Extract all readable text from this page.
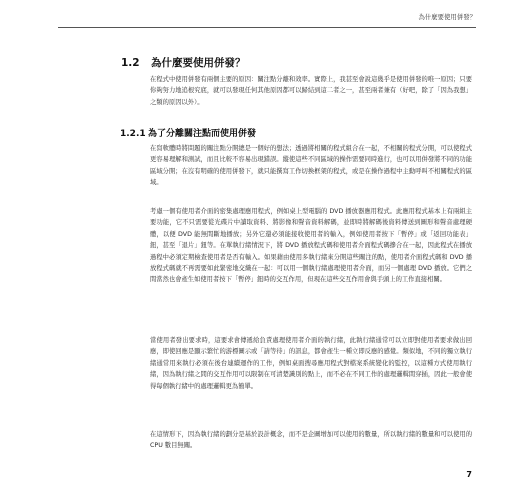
為什麼要使用併發？
1.2 為什麼要使用併發？

在程式中使用併發有兩個主要的原因：關注點分離和效率。實際上，我甚至會說這幾乎是使用併發的唯一原因；只要你夠努力地追根究底，就可以發現任何其他原因都可以歸結到這二者之一，甚至兩者兼有（好吧，除了「因為我想」之類的原因以外）。

1.2.1 為了分離關注點而使用併發

在寫軟體時將問題的關注點分開總是一個好的想法；透過將相關的程式組合在一起，不相關的程式分開，可以使程式更容易理解和測試，而且比較不容易出現錯誤。縱使這些不同區域的操作需要同時進行，也可以用併發將不同的功能區域分開；在沒有明確的使用併發下，就只能撰寫工作切換框架的程式，或是在操作過程中主動呼叫不相關程式的區域。

考慮一個有使用者介面的密集處理應用程式，例如桌上型電腦的 DVD 播放器應用程式。此應用程式基本上有兩組主要功能，它不只需要從光碟片中讀取資料、將影像和聲音資料解碼，並即時將解碼後資料傳送到圖形和聲音處理硬體，以便 DVD 能無間斷地播放；另外它還必須能接收使用者的輸入，例如使用者按下「暫停」或「返回功能表」鈕，甚至「退片」鈕等。在單執行緒情況下，將 DVD 播放程式碼和使用者介面程式碼摻合在一起，因此程式在播放過程中必須定期檢查使用者是否有輸入。如果藉由使用多執行緒來分開這些關注的點，使用者介面程式碼和 DVD 播放程式碼就不再需要如此緊密地交織在一起：可以用一個執行緒處理使用者介面，而另一個處理 DVD 播放。它們之間當然也會產生如使用者按下「暫停」鈕時的交互作用，但現在這些交互作用會與手頭上的工作直接相關。

當使用者發出要求時，這要求會傳遞給負責處理使用者介面的執行緒，此執行緒通常可以立即對使用者要求做出回應，即使回應是顯示繁忙的游標圖示或「請等待」的訊息，都會產生一種立即反應的感覺。類似地，不同的獨立執行緒通常用來執行必須在後台連續運作的工作，例如桌面搜尋應用程式對檔案系統變化的監控，以這種方式使用執行緒，因為執行緒之間的交互作用可以限制在可清楚識別的點上，而不必在不同工作的處理邏輯間穿插，因此一般會使得每個執行緒中的處理邏輯更為簡單。

在這情形下，因為執行緒的劃分是基於設計概念，而不是企圖增加可以使用的數量，所以執行緒的數量和可以使用的 CPU 數目無關。

7
